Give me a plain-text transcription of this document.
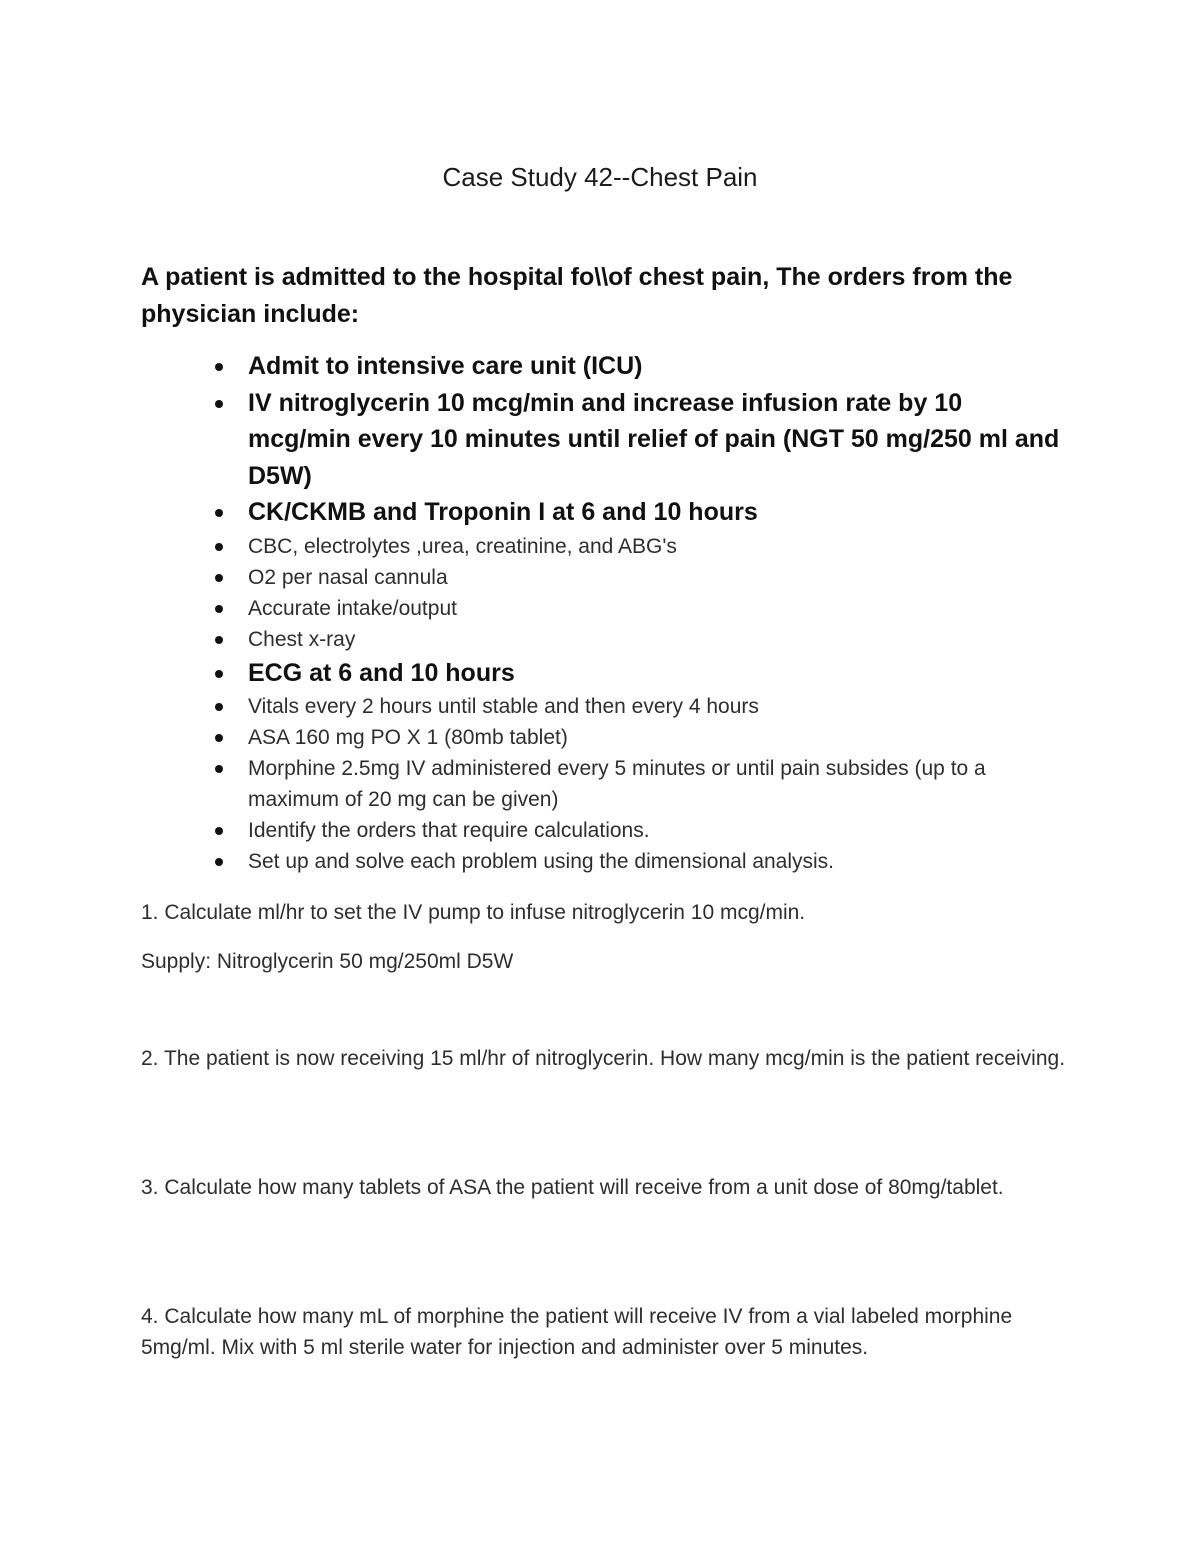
Case Study 42--Chest Pain
A patient is admitted to the hospital fo\\of chest pain, The orders from the physician include:
Admit to intensive care unit (ICU)
IV nitroglycerin 10 mcg/min and increase infusion rate by 10 mcg/min every 10 minutes until relief of pain (NGT 50 mg/250 ml and D5W)
CK/CKMB and Troponin I at 6 and 10 hours
CBC, electrolytes ,urea, creatinine, and ABG's
O2 per nasal cannula
Accurate intake/output
Chest x-ray
ECG at 6 and 10 hours
Vitals every 2 hours until stable and then every 4 hours
ASA 160 mg PO X 1 (80mb tablet)
Morphine 2.5mg IV administered every 5 minutes or until pain subsides (up to a maximum of 20 mg can be given)
Identify the orders that require calculations.
Set up and solve each problem using the dimensional analysis.
1. Calculate ml/hr to set the IV pump to infuse nitroglycerin 10 mcg/min.
Supply: Nitroglycerin 50 mg/250ml D5W
2. The patient is now receiving 15 ml/hr of nitroglycerin. How many mcg/min is the patient receiving.
3. Calculate how many tablets of ASA the patient will receive from a unit dose of 80mg/tablet.
4. Calculate how many mL of morphine the patient will receive IV from a vial labeled morphine 5mg/ml. Mix with 5 ml sterile water for injection and administer over 5 minutes.
